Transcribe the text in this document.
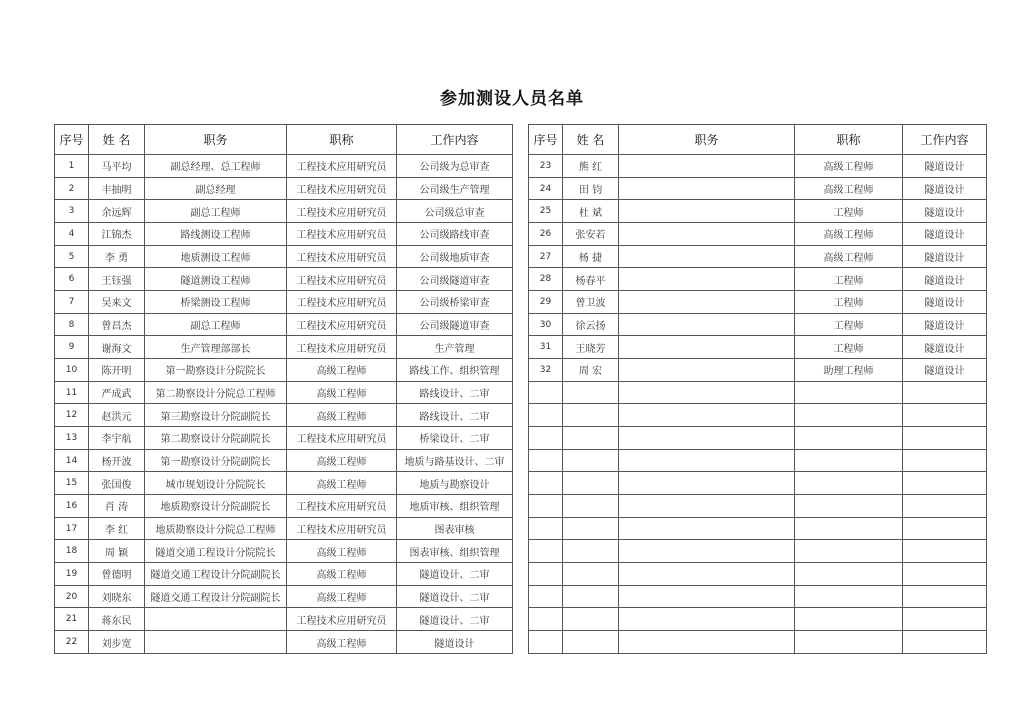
参加测设人员名单
序号	姓 名	职务	职称	工作内容		序号	姓 名	职务	职称	工作内容
1	马平均	副总经理、总工程师	工程技术应用研究员	公司级为总审查		23	熊 红		高级工程师	隧道设计
2	丰抽明	副总经理	工程技术应用研究员	公司级生产管理		24	田 钧		高级工程师	隧道设计
3	余远辉	副总工程师	工程技术应用研究员	公司级总审查		25	杜 斌		工程师	隧道设计
4	江锦杰	路线测设工程师	工程技术应用研究员	公司级路线审查		26	张安若		高级工程师	隧道设计
5	李 勇	地质测设工程师	工程技术应用研究员	公司级地质审查		27	杨 捷		高级工程师	隧道设计
6	王钰强	隧道测设工程师	工程技术应用研究员	公司级隧道审查		28	杨春平		工程师	隧道设计
7	吴来文	桥梁测设工程师	工程技术应用研究员	公司级桥梁审查		29	曾卫波		工程师	隧道设计
8	曾昌杰	副总工程师	工程技术应用研究员	公司级隧道审查		30	徐云扬		工程师	隧道设计
9	谢海文	生产管理部部长	工程技术应用研究员	生产管理		31	王晓芳		工程师	隧道设计
10	陈开明	第一勘察设计分院院长	高级工程师	路线工作、组织管理		32	周 宏		助理工程师	隧道设计
11	严成武	第二勘察设计分院总工程师	高级工程师	路线设计、二审						
12	赵洪元	第三勘察设计分院副院长	高级工程师	路线设计、二审						
13	李宇航	第二勘察设计分院副院长	工程技术应用研究员	桥梁设计、二审						
14	杨开波	第一勘察设计分院副院长	高级工程师	地质与路基设计、二审						
15	张国俊	城市规划设计分院院长	高级工程师	地质与勘察设计						
16	肖 涛	地质勘察设计分院副院长	工程技术应用研究员	地质审核、组织管理						
17	李 红	地质勘察设计分院总工程师	工程技术应用研究员	图表审核						
18	周 颖	隧道交通工程设计分院院长	高级工程师	图表审核、组织管理						
19	曾德明	隧道交通工程设计分院副院长	高级工程师	隧道设计、二审						
20	刘晓东	隧道交通工程设计分院副院长	高级工程师	隧道设计、二审						
21	蒋东民		工程技术应用研究员	隧道设计、二审						
22	刘步宽		高级工程师	隧道设计						
